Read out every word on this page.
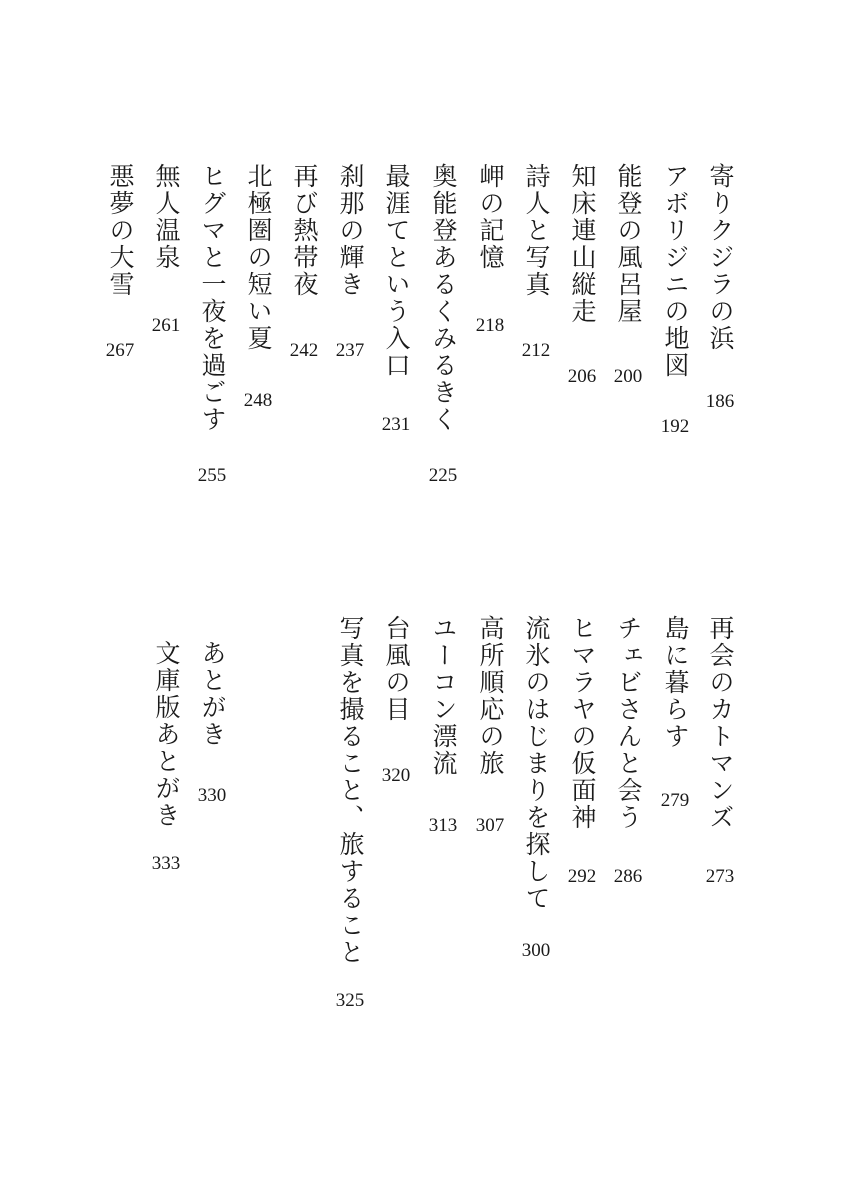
寄りクジラの浜
186
アボリジニの地図
192
能登の風呂屋
200
知床連山縦走
206
詩人と写真
212
岬の記憶
218
奥能登あるくみるきく
225
最涯てという入口
231
刹那の輝き
237
再び熱帯夜
242
北極圏の短い夏
248
ヒグマと一夜を過ごす
255
無人温泉
261
悪夢の大雪
267
再会のカトマンズ
273
島に暮らす
279
チェビさんと会う
286
ヒマラヤの仮面神
292
流氷のはじまりを探して
300
高所順応の旅
307
ユーコン漂流
313
台風の目
320
写真を撮ること、旅すること
325
あとがき
330
文庫版あとがき
333
